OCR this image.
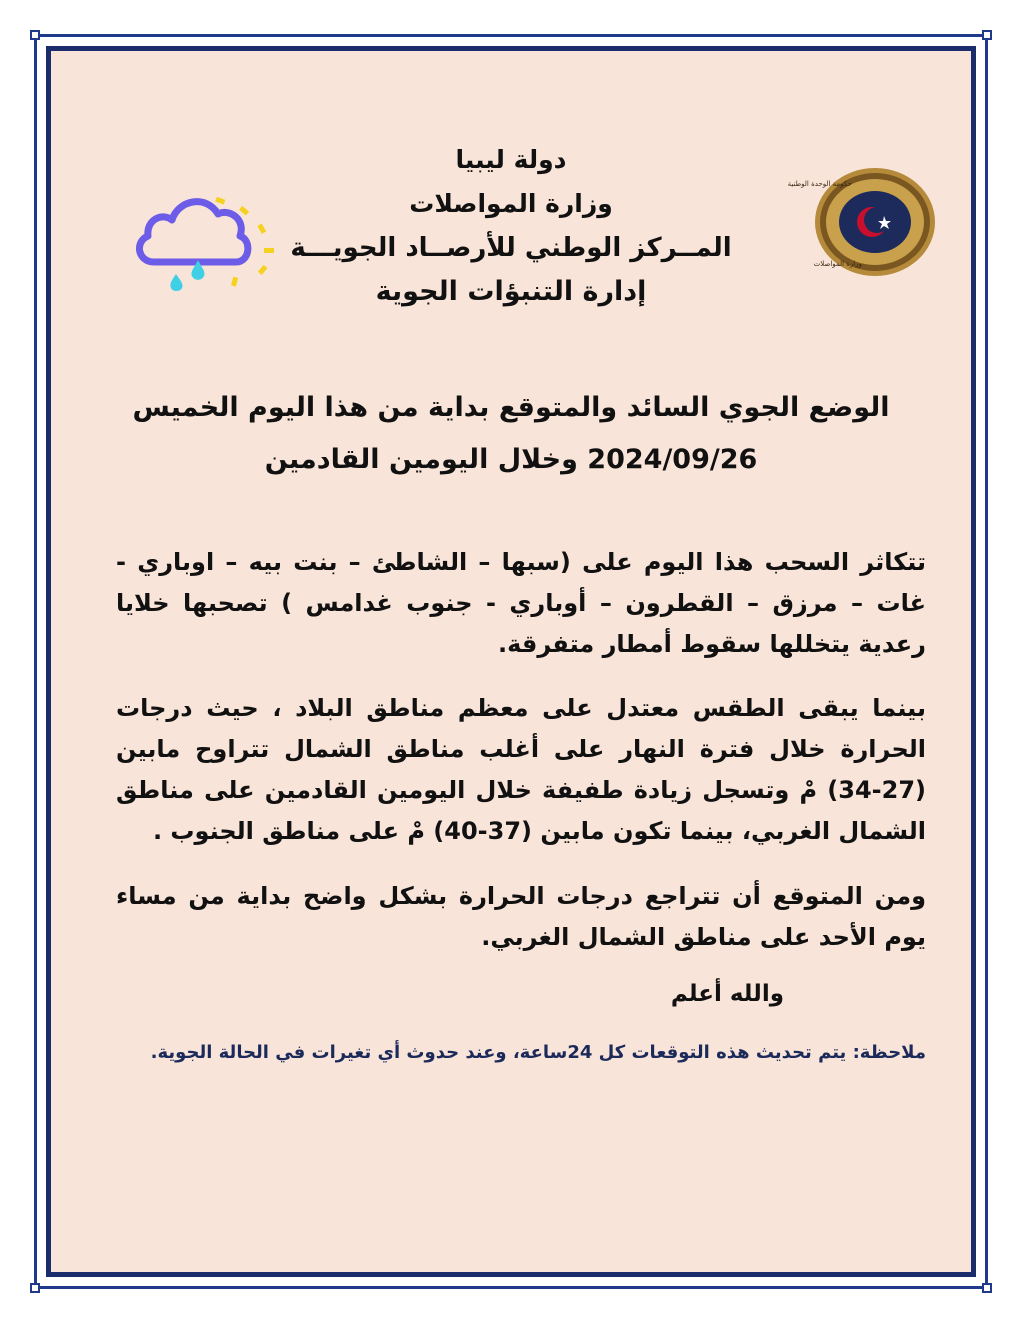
حكومة الوحدة الوطنية
وزارة المواصلات
دولة ليبيا
وزارة المواصلات
المــركز الوطني للأرصــاد الجويـــة
إدارة التنبؤات الجوية
الوضع الجوي السائد والمتوقع بداية من هذا اليوم الخميس
2024/09/26 وخلال اليومين القادمين
تتكاثر السحب هذا اليوم على (سبها – الشاطئ – بنت بيه – اوباري - غات – مرزق – القطرون – أوباري - جنوب غدامس ) تصحبها خلايا رعدية يتخللها سقوط أمطار متفرقة.
بينما يبقى الطقس معتدل على معظم مناطق البلاد ، حيث درجات الحرارة خلال فترة النهار على أغلب مناطق الشمال تتراوح مابين (27-34) مْ وتسجل زيادة طفيفة خلال اليومين القادمين على مناطق الشمال الغربي، بينما تكون مابين (37-40) مْ على مناطق الجنوب .
ومن المتوقع أن تتراجع درجات الحرارة بشكل واضح بداية من مساء يوم الأحد على مناطق الشمال الغربي.
والله أعلم
ملاحظة: يتم تحديث هذه التوقعات كل 24ساعة، وعند حدوث أي تغيرات في الحالة الجوية.
